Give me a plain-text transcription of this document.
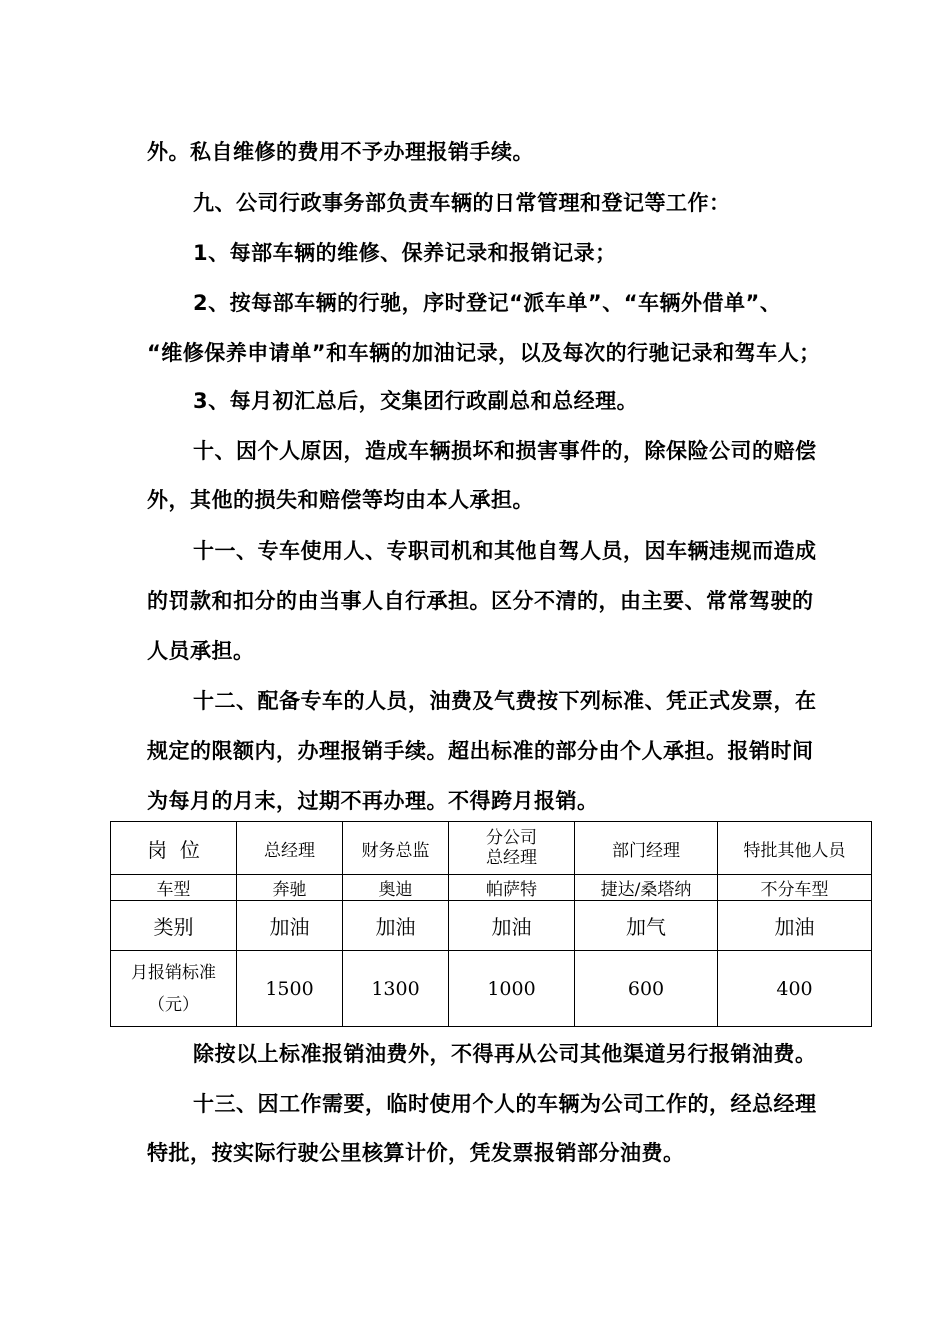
外。私自维修的费用不予办理报销手续。
九、公司行政事务部负责车辆的日常管理和登记等工作：
1、每部车辆的维修、保养记录和报销记录；
2、按每部车辆的行驰，序时登记“派车单”、“车辆外借单”、
“维修保养申请单”和车辆的加油记录，以及每次的行驰记录和驾车人；
3、每月初汇总后，交集团行政副总和总经理。
十、因个人原因，造成车辆损坏和损害事件的，除保险公司的赔偿
外，其他的损失和赔偿等均由本人承担。
十一、专车使用人、专职司机和其他自驾人员，因车辆违规而造成
的罚款和扣分的由当事人自行承担。区分不清的，由主要、常常驾驶的
人员承担。
十二、配备专车的人员，油费及气费按下列标准、凭正式发票，在
规定的限额内，办理报销手续。超出标准的部分由个人承担。报销时间
为每月的月末，过期不再办理。不得跨月报销。
岗  位	总经理	财务总监	分公司
总经理	部门经理	特批其他人员
车型	奔驰	奥迪	帕萨特	捷达/桑塔纳	不分车型
类别	加油	加油	加油	加气	加油

月报销标准
（元）	1500	1300	1000	600	400
除按以上标准报销油费外，不得再从公司其他渠道另行报销油费。
十三、因工作需要，临时使用个人的车辆为公司工作的，经总经理
特批，按实际行驶公里核算计价，凭发票报销部分油费。
